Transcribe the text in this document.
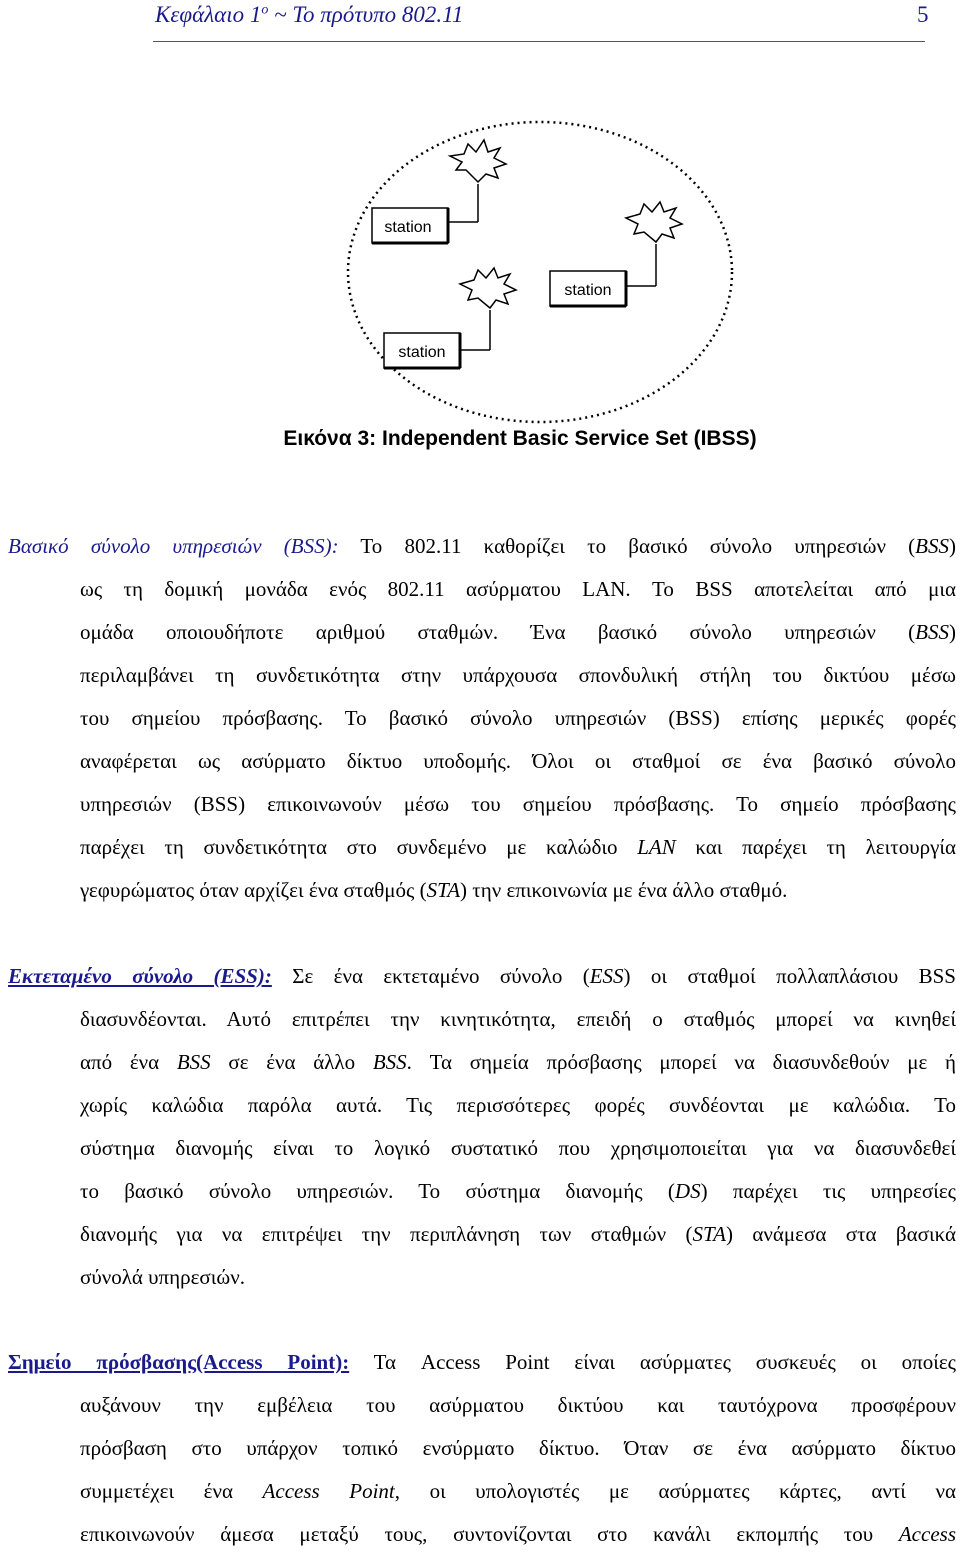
Κεφάλαιο $1^o$ ~ Το πρότυπο 802.11	5
station
station
station
Εικόνα 3: Independent Basic Service Set (IBSS)
Βασικό σύνολο υπηρεσιών (BSS): Το 802.11 καθορίζει το βασικό σύνολο υπηρεσιών (BSS)
ως τη δομική μονάδα ενός 802.11 ασύρματου LAN. Το BSS αποτελείται από μια
ομάδα οποιουδήποτε αριθμού σταθμών. Ένα βασικό σύνολο υπηρεσιών (BSS)
περιλαμβάνει τη συνδετικότητα στην υπάρχουσα σπονδυλική στήλη του δικτύου μέσω
του σημείου πρόσβασης. Το βασικό σύνολο υπηρεσιών (BSS) επίσης μερικές φορές
αναφέρεται ως ασύρματο δίκτυο υποδομής. Όλοι οι σταθμοί σε ένα βασικό σύνολο
υπηρεσιών (BSS) επικοινωνούν μέσω του σημείου πρόσβασης. Το σημείο πρόσβασης
παρέχει τη συνδετικότητα στο συνδεμένο με καλώδιο LAN και παρέχει τη λειτουργία
γεφυρώματος όταν αρχίζει ένα σταθμός (STA) την επικοινωνία με ένα άλλο σταθμό.
Εκτεταμένο σύνολο (ESS): Σε ένα εκτεταμένο σύνολο (ESS) οι σταθμοί πολλαπλάσιου BSS
διασυνδέονται. Αυτό επιτρέπει την κινητικότητα, επειδή ο σταθμός μπορεί να κινηθεί
από ένα BSS σε ένα άλλο BSS. Τα σημεία πρόσβασης μπορεί να διασυνδεθούν με ή
χωρίς καλώδια παρόλα αυτά. Τις περισσότερες φορές συνδέονται με καλώδια. Το
σύστημα διανομής είναι το λογικό συστατικό που χρησιμοποιείται για να διασυνδεθεί
το βασικό σύνολο υπηρεσιών. Το σύστημα διανομής (DS) παρέχει τις υπηρεσίες
διανομής για να επιτρέψει την περιπλάνηση των σταθμών (STA) ανάμεσα στα βασικά
σύνολά υπηρεσιών.
Σημείο πρόσβασης(Access Point): Τα Access Point είναι ασύρματες συσκευές οι οποίες
αυξάνουν την εμβέλεια του ασύρματου δικτύου και ταυτόχρονα προσφέρουν
πρόσβαση στο υπάρχον τοπικό ενσύρματο δίκτυο. Όταν σε ένα ασύρματο δίκτυο
συμμετέχει ένα Access Point, οι υπολογιστές με ασύρματες κάρτες, αντί να
επικοινωνούν άμεσα μεταξύ τους, συντονίζονται στο κανάλι εκπομπής του Access
